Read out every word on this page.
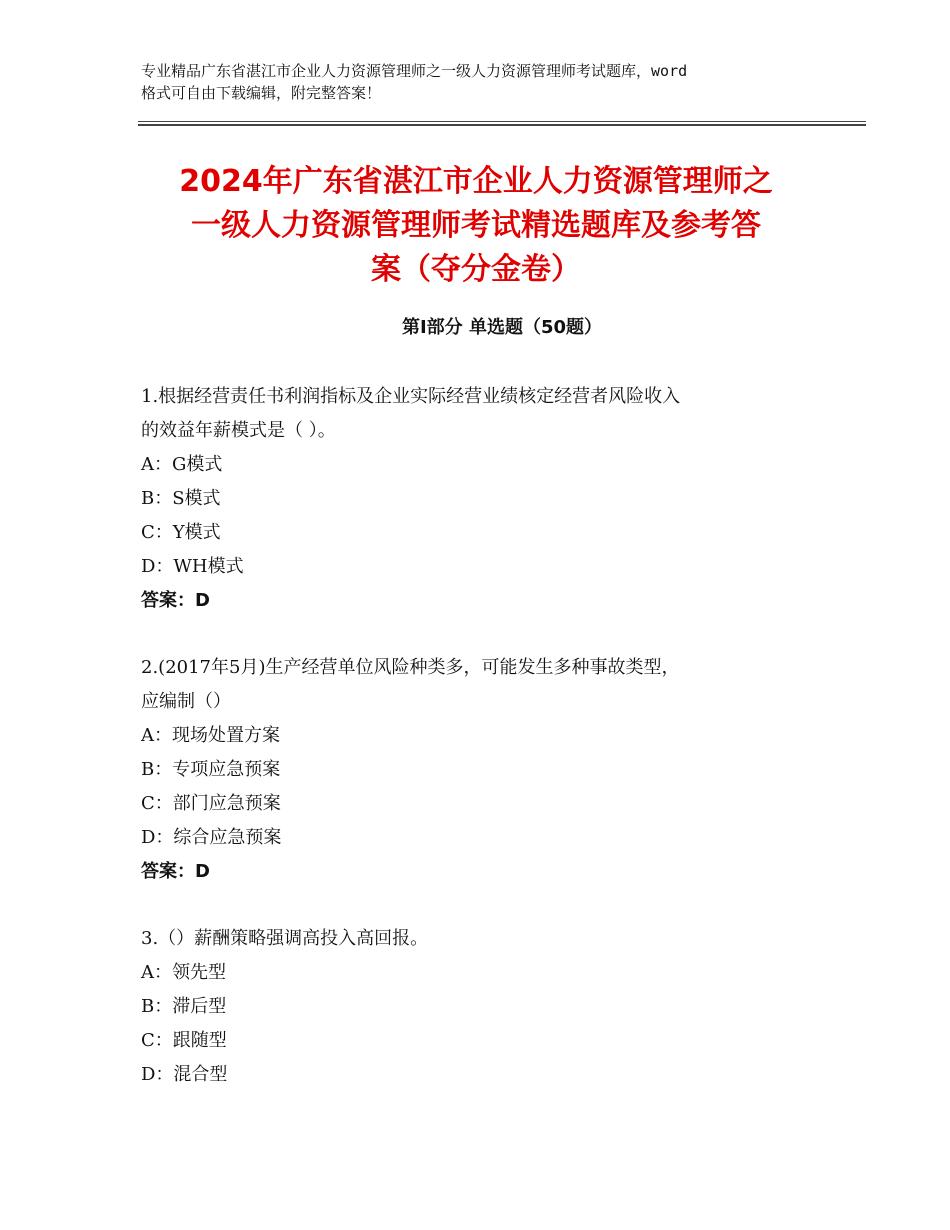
专业精品广东省湛江市企业人力资源管理师之一级人力资源管理师考试题库，word
格式可自由下载编辑，附完整答案！
2024年广东省湛江市企业人力资源管理师之
一级人力资源管理师考试精选题库及参考答
案（夺分金卷）
第Ⅰ部分 单选题（50题）
1.根据经营责任书利润指标及企业实际经营业绩核定经营者风险收入
的效益年薪模式是（ ）。
A：G模式
B：S模式
C：Y模式
D：WH模式
答案：D
2.(2017年5月)生产经营单位风险种类多，可能发生多种事故类型，
应编制（）
A：现场处置方案
B：专项应急预案
C：部门应急预案
D：综合应急预案
答案：D
3.（）薪酬策略强调高投入高回报。
A：领先型
B：滞后型
C：跟随型
D：混合型
